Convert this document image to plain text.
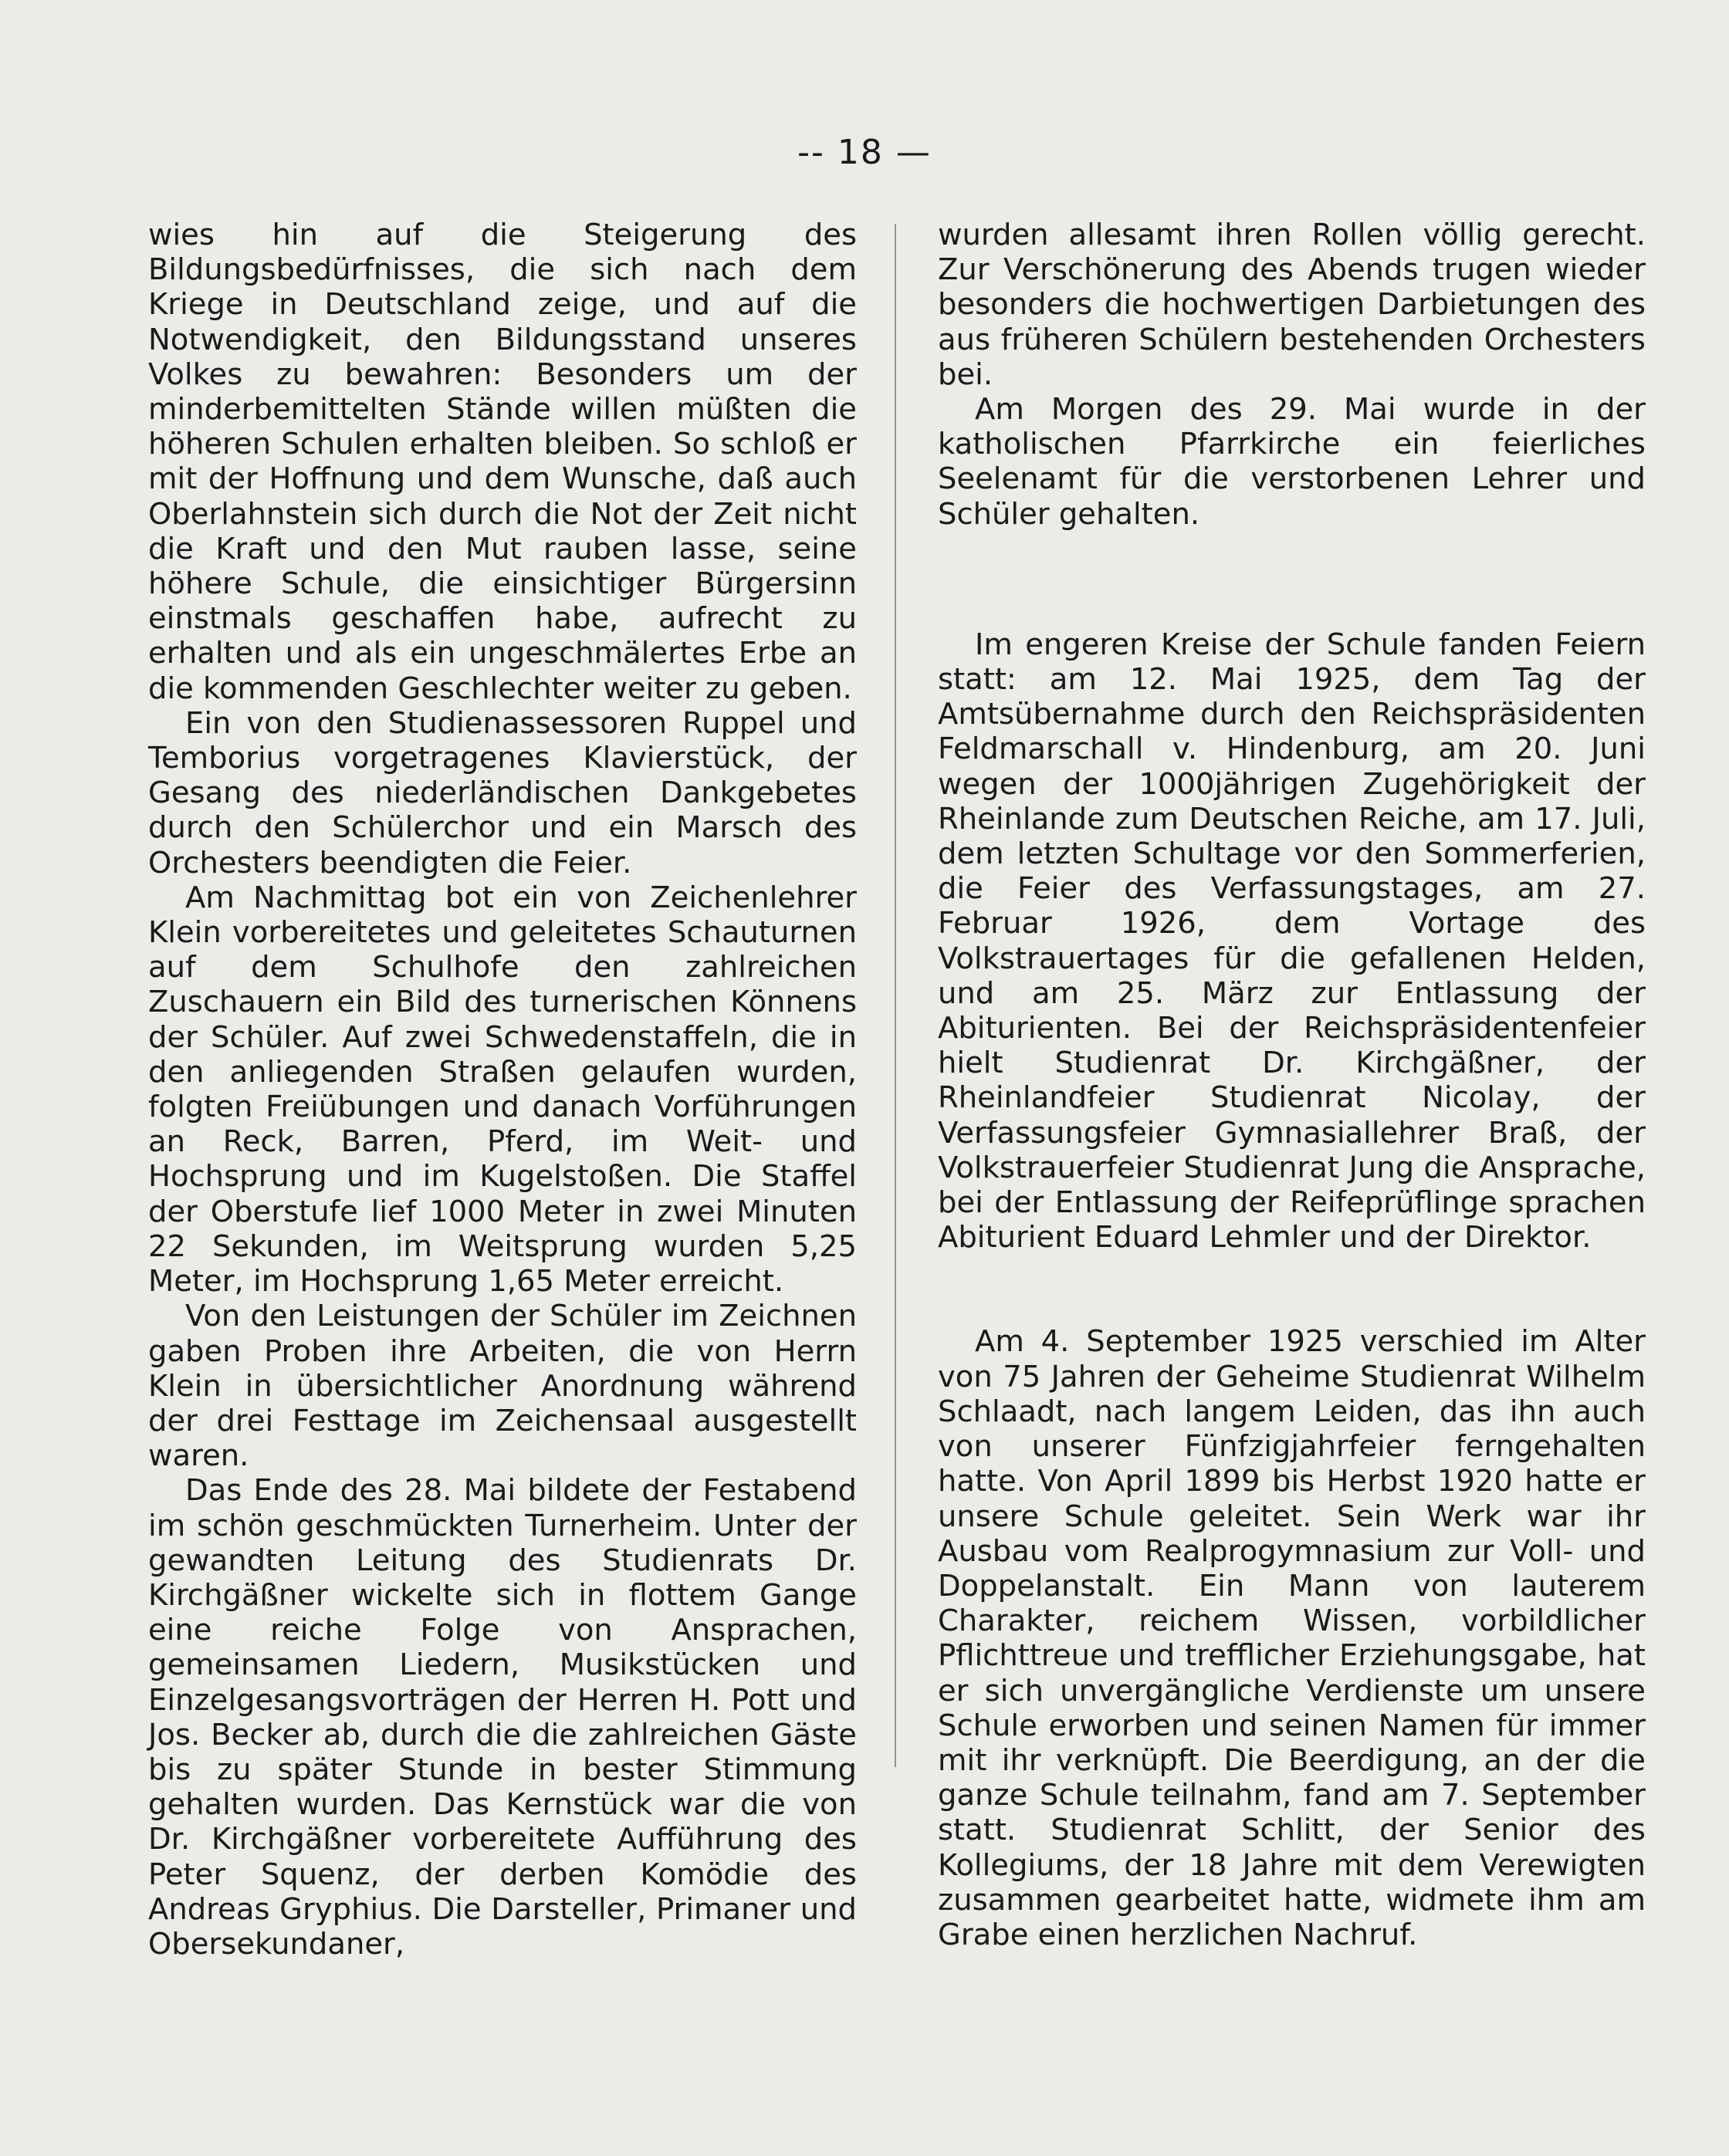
-- 18 —

wies hin auf die Steigerung des Bildungsbedürfnisses, die sich nach dem Kriege in Deutschland zeige, und auf die Notwendigkeit, den Bildungsstand unseres Volkes zu bewahren: Besonders um der minderbemittelten Stände willen müßten die höheren Schulen erhalten bleiben. So schloß er mit der Hoffnung und dem Wunsche, daß auch Oberlahnstein sich durch die Not der Zeit nicht die Kraft und den Mut rauben lasse, seine höhere Schule, die einsichtiger Bürgersinn einstmals geschaffen habe, aufrecht zu erhalten und als ein ungeschmälertes Erbe an die kommenden Geschlechter weiter zu geben.

Ein von den Studienassessoren Ruppel und Temborius vorgetragenes Klavierstück, der Gesang des niederländischen Dankgebetes durch den Schülerchor und ein Marsch des Orchesters beendigten die Feier.

Am Nachmittag bot ein von Zeichenlehrer Klein vorbereitetes und geleitetes Schauturnen auf dem Schulhofe den zahlreichen Zuschauern ein Bild des turnerischen Könnens der Schüler. Auf zwei Schwedenstaffeln, die in den anliegenden Straßen gelaufen wurden, folgten Freiübungen und danach Vorführungen an Reck, Barren, Pferd, im Weit- und Hochsprung und im Kugelstoßen. Die Staffel der Oberstufe lief 1000 Meter in zwei Minuten 22 Sekunden, im Weitsprung wurden 5,25 Meter, im Hochsprung 1,65 Meter erreicht.

Von den Leistungen der Schüler im Zeichnen gaben Proben ihre Arbeiten, die von Herrn Klein in übersichtlicher Anordnung während der drei Festtage im Zeichensaal ausgestellt waren.

Das Ende des 28. Mai bildete der Festabend im schön geschmückten Turnerheim. Unter der gewandten Leitung des Studienrats Dr. Kirchgäßner wickelte sich in flottem Gange eine reiche Folge von Ansprachen, gemeinsamen Liedern, Musikstücken und Einzelgesangsvorträgen der Herren H. Pott und Jos. Becker ab, durch die die zahlreichen Gäste bis zu später Stunde in bester Stimmung gehalten wurden. Das Kernstück war die von Dr. Kirchgäßner vorbereitete Aufführung des Peter Squenz, der derben Komödie des Andreas Gryphius. Die Darsteller, Primaner und Obersekundaner,

wurden allesamt ihren Rollen völlig gerecht. Zur Verschönerung des Abends trugen wieder besonders die hochwertigen Darbietungen des aus früheren Schülern bestehenden Orchesters bei.

Am Morgen des 29. Mai wurde in der katholischen Pfarrkirche ein feierliches Seelenamt für die verstorbenen Lehrer und Schüler gehalten.

Im engeren Kreise der Schule fanden Feiern statt: am 12. Mai 1925, dem Tag der Amtsübernahme durch den Reichspräsidenten Feldmarschall v. Hindenburg, am 20. Juni wegen der 1000jährigen Zugehörigkeit der Rheinlande zum Deutschen Reiche, am 17. Juli, dem letzten Schultage vor den Sommerferien, die Feier des Verfassungstages, am 27. Februar 1926, dem Vortage des Volkstrauertages für die gefallenen Helden, und am 25. März zur Entlassung der Abiturienten. Bei der Reichspräsidentenfeier hielt Studienrat Dr. Kirchgäßner, der Rheinlandfeier Studienrat Nicolay, der Verfassungsfeier Gymnasiallehrer Braß, der Volkstrauerfeier Studienrat Jung die Ansprache, bei der Entlassung der Reifeprüflinge sprachen Abiturient Eduard Lehmler und der Direktor.

Am 4. September 1925 verschied im Alter von 75 Jahren der Geheime Studienrat Wilhelm Schlaadt, nach langem Leiden, das ihn auch von unserer Fünfzigjahrfeier ferngehalten hatte. Von April 1899 bis Herbst 1920 hatte er unsere Schule geleitet. Sein Werk war ihr Ausbau vom Realprogymnasium zur Voll- und Doppelanstalt. Ein Mann von lauterem Charakter, reichem Wissen, vorbildlicher Pflichttreue und trefflicher Erziehungsgabe, hat er sich unvergängliche Verdienste um unsere Schule erworben und seinen Namen für immer mit ihr verknüpft. Die Beerdigung, an der die ganze Schule teilnahm, fand am 7. September statt. Studienrat Schlitt, der Senior des Kollegiums, der 18 Jahre mit dem Verewigten zusammen gearbeitet hatte, widmete ihm am Grabe einen herzlichen Nachruf.
